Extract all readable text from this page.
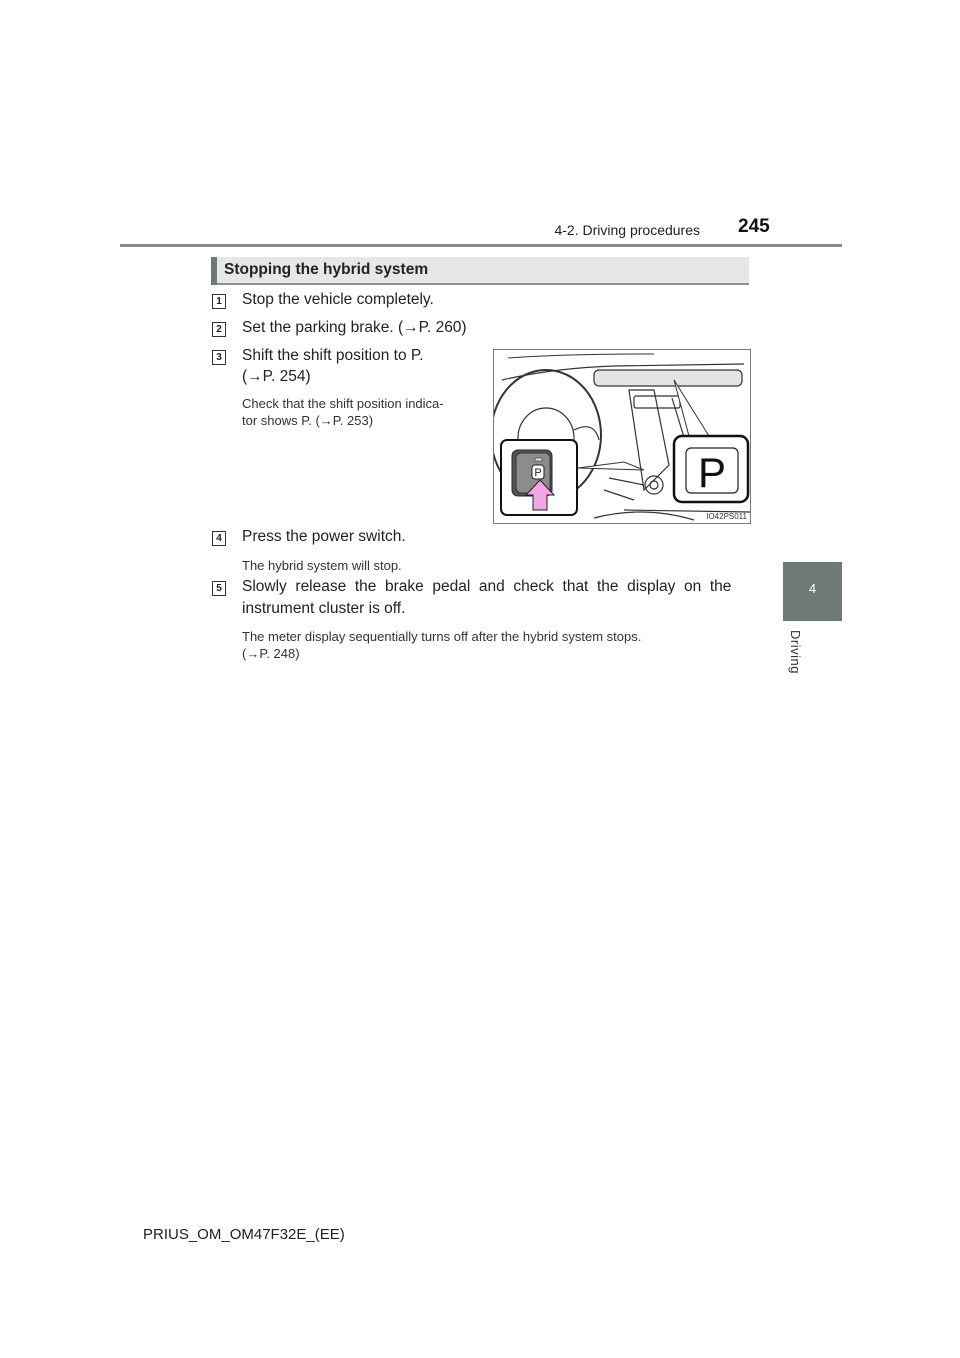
4-2. Driving procedures 245
4
Driving
Stopping the hybrid system
1 Stop the vehicle completely.
2 Set the parking brake. (→P. 260)
3 Shift the shift position to P.
(→P. 254)
Check that the shift position indica-
tor shows P. (→P. 253)
P	P
IO42PS011
4 Press the power switch.
The hybrid system will stop.
5 Slowly  release  the  brake  pedal  and  check  that  the  display  on  the
instrument cluster is off.
The meter display sequentially turns off after the hybrid system stops.
(→P. 248)
PRIUS_OM_OM47F32E_(EE)
